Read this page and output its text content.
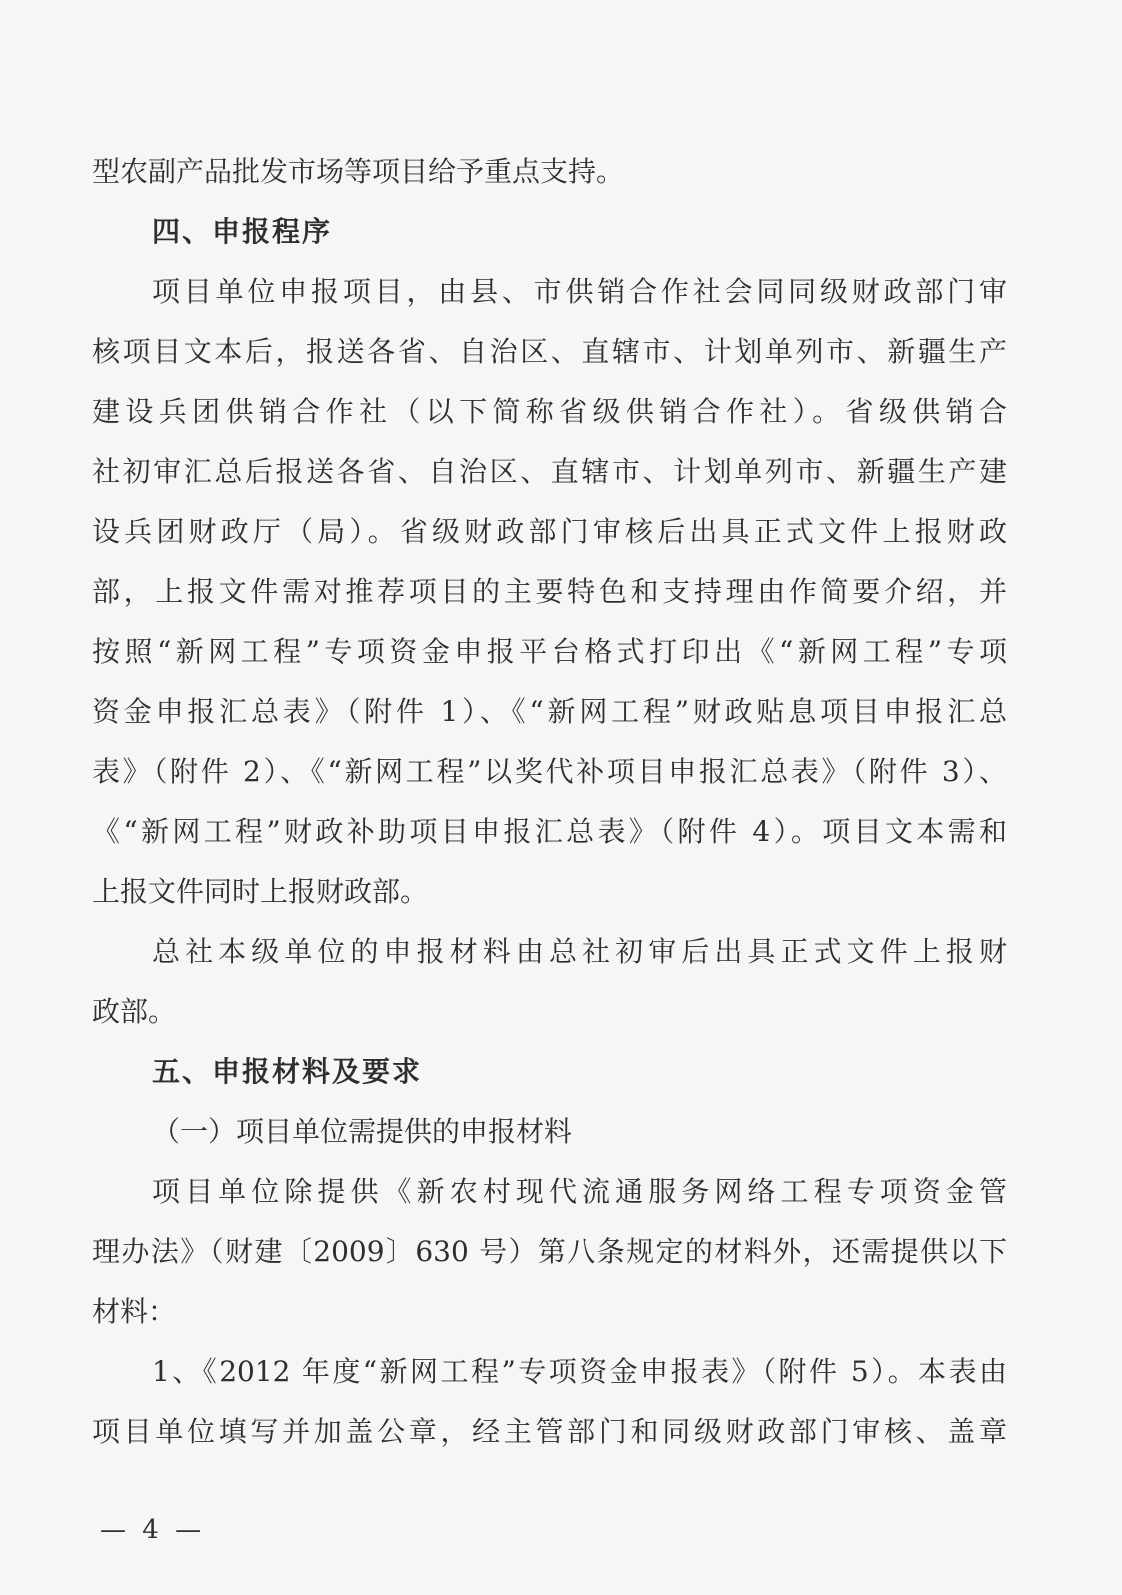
型农副产品批发市场等项目给予重点支持。
四、申报程序
项目单位申报项目，由县、市供销合作社会同同级财政部门审
核项目文本后，报送各省、自治区、直辖市、计划单列市、新疆生产
建设兵团供销合作社（以下简称省级供销合作社）。省级供销合
社初审汇总后报送各省、自治区、直辖市、计划单列市、新疆生产建
设兵团财政厅（局）。省级财政部门审核后出具正式文件上报财政
部，上报文件需对推荐项目的主要特色和支持理由作简要介绍，并
按照“新网工程”专项资金申报平台格式打印出《“新网工程”专项
资金申报汇总表》（附件 1）、《“新网工程”财政贴息项目申报汇总
表》（附件 2）、《“新网工程”以奖代补项目申报汇总表》（附件 3）、
《“新网工程”财政补助项目申报汇总表》（附件 4）。项目文本需和
上报文件同时上报财政部。
总社本级单位的申报材料由总社初审后出具正式文件上报财
政部。
五、申报材料及要求
（一）项目单位需提供的申报材料
项目单位除提供《新农村现代流通服务网络工程专项资金管
理办法》（财建〔2009〕630 号）第八条规定的材料外，还需提供以下
材料：
1、《2012 年度“新网工程”专项资金申报表》（附件 5）。本表由
项目单位填写并加盖公章，经主管部门和同级财政部门审核、盖章
— 4 —
